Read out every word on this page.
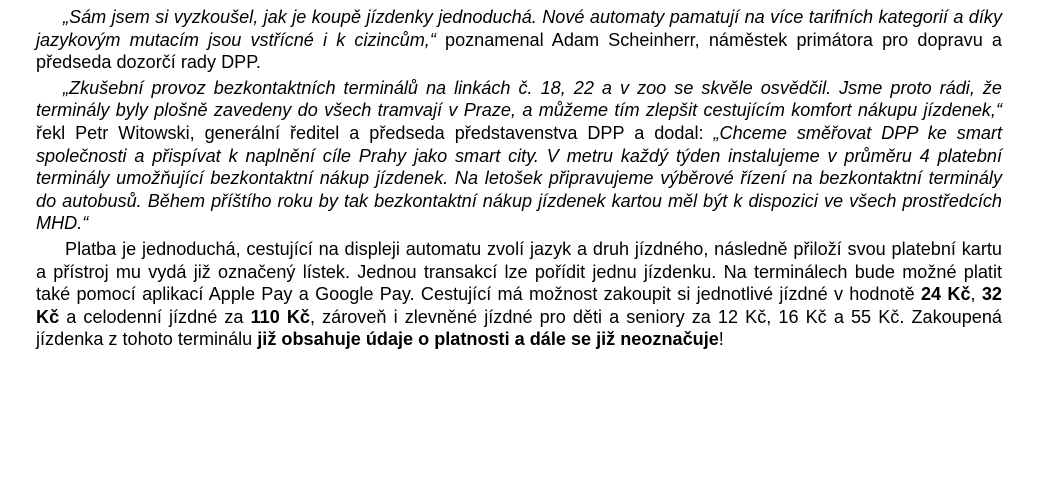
„Sám jsem si vyzkoušel, jak je koupě jízdenky jednoduchá. Nové automaty pamatují na více tarifních kategorií a díky jazykovým mutacím jsou vstřícné i k cizincům,“ poznamenal Adam Scheinherr, náměstek primátora pro dopravu a předseda dozorčí rady DPP.

„Zkušební provoz bezkontaktních terminálů na linkách č. 18, 22 a v zoo se skvěle osvědčil. Jsme proto rádi, že terminály byly plošně zavedeny do všech tramvají v Praze, a můžeme tím zlepšit cestujícím komfort nákupu jízdenek,“ řekl Petr Witowski, generální ředitel a předseda představenstva DPP a dodal: „Chceme směřovat DPP ke smart společnosti a přispívat k naplnění cíle Prahy jako smart city. V metru každý týden instalujeme v průměru 4 platební terminály umožňující bezkontaktní nákup jízdenek. Na letošek připravujeme výběrové řízení na bezkontaktní terminály do autobusů. Během příštího roku by tak bezkontaktní nákup jízdenek kartou měl být k dispozici ve všech prostředcích MHD.“

Platba je jednoduchá, cestující na displeji automatu zvolí jazyk a druh jízdného, následně přiloží svou platební kartu a přístroj mu vydá již označený lístek. Jednou transakcí lze pořídit jednu jízdenku. Na terminálech bude možné platit také pomocí aplikací Apple Pay a Google Pay. Cestující má možnost zakoupit si jednotlivé jízdné v hodnotě 24 Kč, 32 Kč a celodenní jízdné za 110 Kč, zároveň i zlevněné jízdné pro děti a seniory za 12 Kč, 16 Kč a 55 Kč. Zakoupená jízdenka z tohoto terminálu již obsahuje údaje o platnosti a dále se již neoznačuje!
